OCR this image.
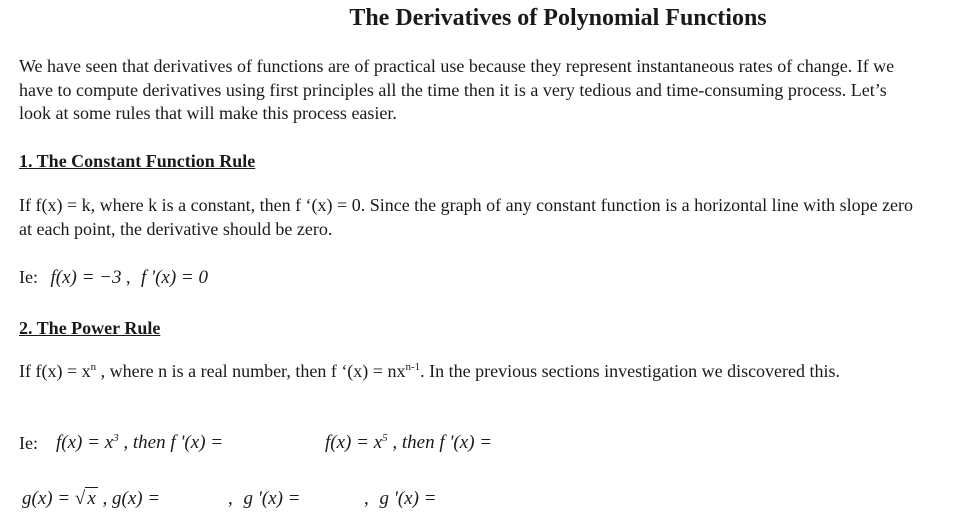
The Derivatives of Polynomial Functions
We have seen that derivatives of functions are of practical use because they represent instantaneous rates of change. If we have to compute derivatives using first principles all the time then it is a very tedious and time-consuming process. Let’s look at some rules that will make this process easier.
1. The Constant Function Rule
If f(x) = k, where k is a constant, then f ‘(x) = 0. Since the graph of any constant function is a horizontal line with slope zero at each point, the derivative should be zero.
Ie: f(x) = −3 , f '(x) = 0
2. The Power Rule
If $f(x) = x^n$ , where n is a real number, then f ‘$(x) = nx^{n-1}$. In the previous sections investigation we discovered this.
Ie: $f(x) = x^3$ , then f '(x) =	$f(x) = x^5$ , then f '(x) =
g(x) = √ x , g(x) =	, g '(x) =	, g '(x) =
